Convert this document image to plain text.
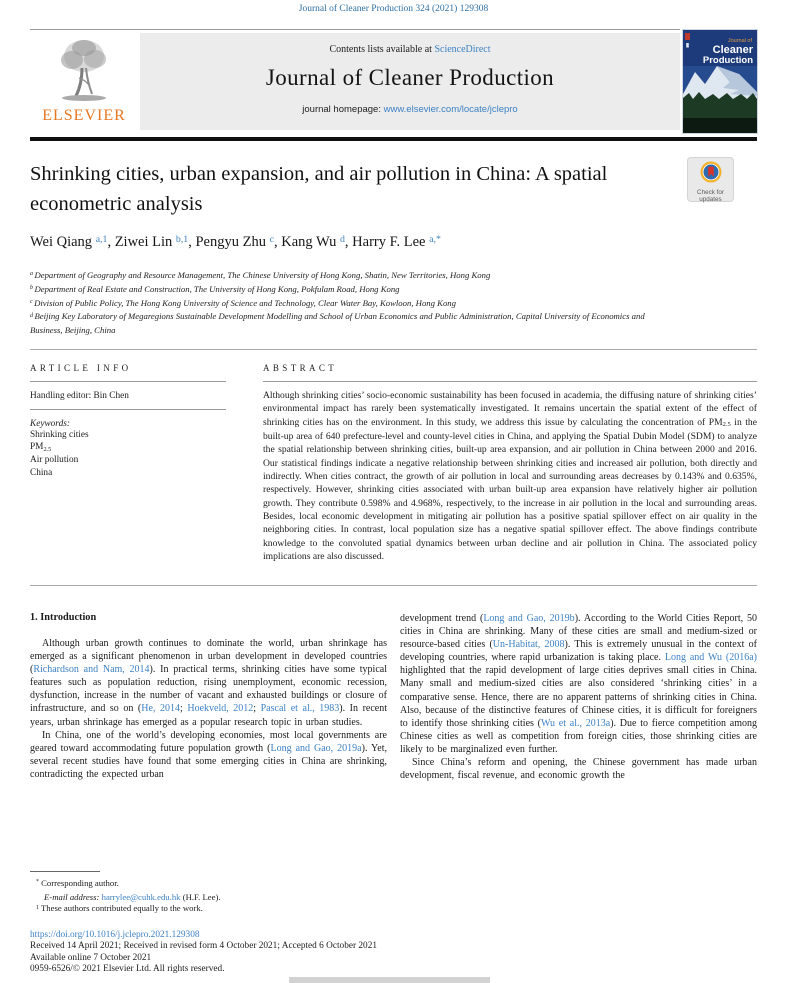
Journal of Cleaner Production 324 (2021) 129308
ELSEVIER
Contents lists available at ScienceDirect
Journal of Cleaner Production
journal homepage: www.elsevier.com/locate/jclepro
Journal of
Cleaner
Production
Shrinking cities, urban expansion, and air pollution in China: A spatial econometric analysis	Check for
updates
Wei Qiang $^{a,1}$, Ziwei Lin $^{b,1}$, Pengyu Zhu $^c$, Kang Wu $^d$, Harry F. Lee $^{a,*}$
$^a$ Department of Geography and Resource Management, The Chinese University of Hong Kong, Shatin, New Territories, Hong Kong
$^b$ Department of Real Estate and Construction, The University of Hong Kong, Pokfulam Road, Hong Kong
$^c$ Division of Public Policy, The Hong Kong University of Science and Technology, Clear Water Bay, Kowloon, Hong Kong
$^d$ Beijing Key Laboratory of Megaregions Sustainable Development Modelling and School of Urban Economics and Public Administration, Capital University of Economics and Business, Beijing, China
ARTICLE INFO
Handling editor: Bin Chen
Keywords:
Shrinking cities
PM2.5
Air pollution
China
ABSTRACT
Although shrinking cities’ socio-economic sustainability has been focused in academia, the diffusing nature of shrinking cities’ environmental impact has rarely been systematically investigated. It remains uncertain the spatial extent of the effect of shrinking cities has on the environment. In this study, we address this issue by calculating the concentration of PM2.5 in the built-up area of 640 prefecture-level and county-level cities in China, and applying the Spatial Dubin Model (SDM) to analyze the spatial relationship between shrinking cities, built-up area expansion, and air pollution in China between 2000 and 2016. Our statistical findings indicate a negative relationship between shrinking cities and increased air pollution, both directly and indirectly. When cities contract, the growth of air pollution in local and surrounding areas decreases by 0.143% and 0.635%, respectively. However, shrinking cities associated with urban built-up area expansion have relatively higher air pollution growth. They contribute 0.598% and 4.968%, respectively, to the increase in air pollution in the local and surrounding areas. Besides, local economic development in mitigating air pollution has a positive spatial spillover effect on air quality in the neighboring cities. In contrast, local population size has a negative spatial spillover effect. The above findings contribute knowledge to the convoluted spatial dynamics between urban decline and air pollution in China. The associated policy implications are also discussed.
1. Introduction

Although urban growth continues to dominate the world, urban shrinkage has emerged as a significant phenomenon in urban development in developed countries (Richardson and Nam, 2014). In practical terms, shrinking cities have some typical features such as population reduction, rising unemployment, economic recession, dysfunction, increase in the number of vacant and exhausted buildings or closure of infrastructure, and so on (He, 2014; Hoekveld, 2012; Pascal et al., 1983). In recent years, urban shrinkage has emerged as a popular research topic in urban studies.

In China, one of the world’s developing economies, most local governments are geared toward accommodating future population growth (Long and Gao, 2019a). Yet, several recent studies have found that some emerging cities in China are shrinking, contradicting the expected urban

development trend (Long and Gao, 2019b). According to the World Cities Report, 50 cities in China are shrinking. Many of these cities are small and medium-sized or resource-based cities (Un-Habitat, 2008). This is extremely unusual in the context of developing countries, where rapid urbanization is taking place. Long and Wu (2016a) highlighted that the rapid development of large cities deprives small cities in China. Many small and medium-sized cities are also considered ‘shrinking cities’ in a comparative sense. Hence, there are no apparent patterns of shrinking cities in China. Also, because of the distinctive features of Chinese cities, it is difficult for foreigners to identify those shrinking cities (Wu et al., 2013a). Due to fierce competition among Chinese cities as well as competition from foreign cities, those shrinking cities are likely to be marginalized even further.

Since China’s reform and opening, the Chinese government has made urban development, fiscal revenue, and economic growth the

* Corresponding author.
E-mail address: harrylee@cuhk.edu.hk (H.F. Lee).
$^1$ These authors contributed equally to the work.
https://doi.org/10.1016/j.jclepro.2021.129308
Received 14 April 2021; Received in revised form 4 October 2021; Accepted 6 October 2021
Available online 7 October 2021
0959-6526/© 2021 Elsevier Ltd. All rights reserved.
